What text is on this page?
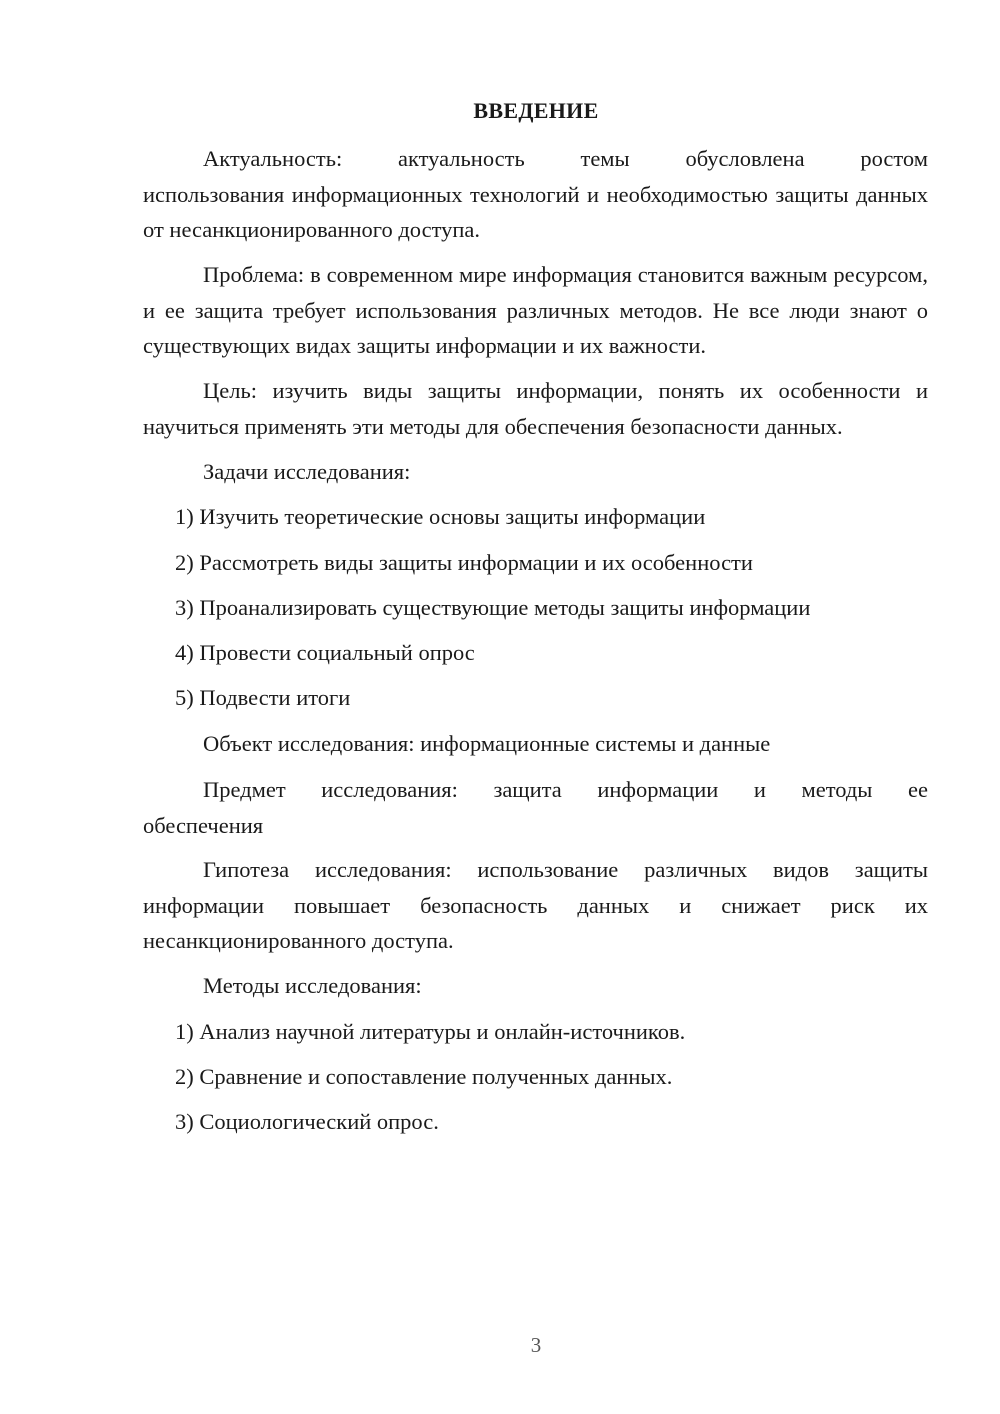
ВВЕДЕНИЕ
Актуальность: актуальность темы обусловлена ростом

использования информационных технологий и необходимостью защиты данных от несанкционированного доступа.

Проблема: в современном мире информация становится важным ресурсом, и ее защита требует использования различных методов. Не все люди знают о существующих видах защиты информации и их важности.

Цель: изучить виды защиты информации, понять их особенности и научиться применять эти методы для обеспечения безопасности данных.

Задачи исследования:

1) Изучить теоретические основы защиты информации

2) Рассмотреть виды защиты информации и их особенности

3) Проанализировать существующие методы защиты информации

4) Провести социальный опрос

5) Подвести итоги

Объект исследования: информационные системы и данные

Предмет исследования: защита информации и методы ее

обеспечения

Гипотеза исследования: использование различных видов защиты информации повышает безопасность данных и снижает риск их несанкционированного доступа.

Методы исследования:

1) Анализ научной литературы и онлайн-источников.

2) Сравнение и сопоставление полученных данных.

3) Социологический опрос.

3
